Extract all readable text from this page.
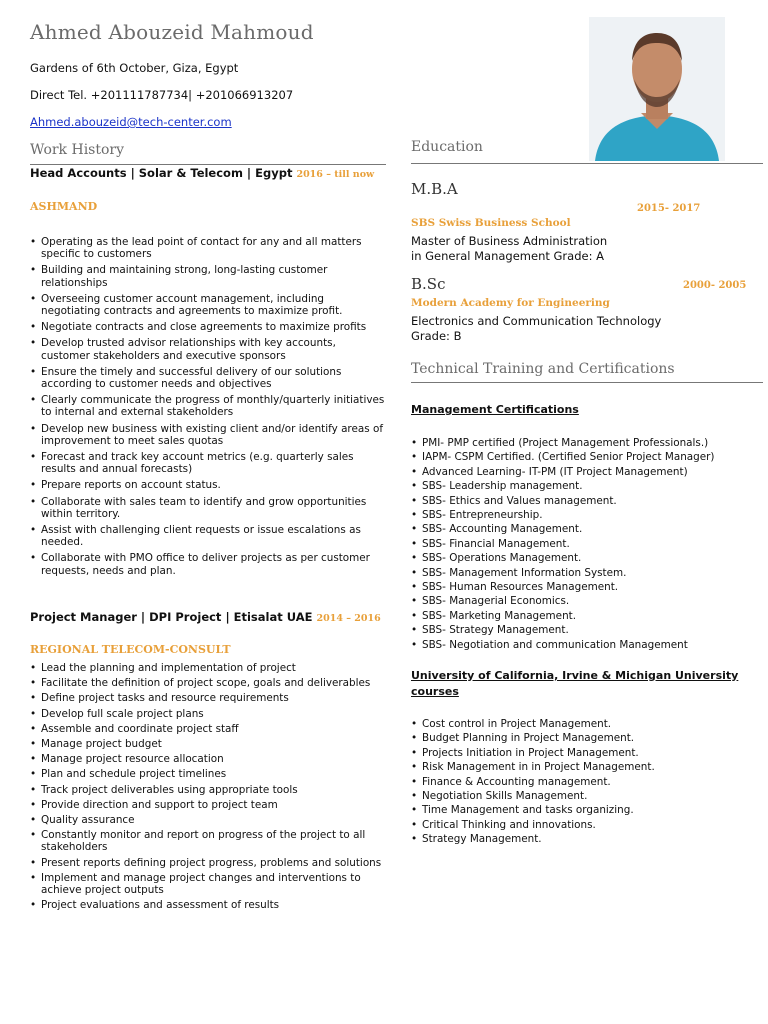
Ahmed Abouzeid Mahmoud
Gardens of 6th October, Giza, Egypt
Direct Tel. +201111787734| +201066913207
Ahmed.abouzeid@tech-center.com
Work History
Head Accounts | Solar & Telecom | Egypt 2016 – till now
ASHMAND
• Operating as the lead point of contact for any and all matters specific to customers
• Building and maintaining strong, long-lasting customer relationships
• Overseeing customer account management, including negotiating contracts and agreements to maximize profit.
• Negotiate contracts and close agreements to maximize profits
• Develop trusted advisor relationships with key accounts, customer stakeholders and executive sponsors
• Ensure the timely and successful delivery of our solutions according to customer needs and objectives
• Clearly communicate the progress of monthly/quarterly initiatives to internal and external stakeholders
• Develop new business with existing client and/or identify areas of improvement to meet sales quotas
• Forecast and track key account metrics (e.g. quarterly sales results and annual forecasts)
• Prepare reports on account status.
• Collaborate with sales team to identify and grow opportunities within territory.
• Assist with challenging client requests or issue escalations as needed.
• Collaborate with PMO office to deliver projects as per customer requests, needs and plan.
Project Manager | DPI Project | Etisalat UAE 2014 – 2016
REGIONAL TELECOM-CONSULT
• Lead the planning and implementation of project
• Facilitate the definition of project scope, goals and deliverables
• Define project tasks and resource requirements
• Develop full scale project plans
• Assemble and coordinate project staff
• Manage project budget
• Manage project resource allocation
• Plan and schedule project timelines
• Track project deliverables using appropriate tools
• Provide direction and support to project team
• Quality assurance
• Constantly monitor and report on progress of the project to all stakeholders
• Present reports defining project progress, problems and solutions
• Implement and manage project changes and interventions to achieve project outputs
• Project evaluations and assessment of results
Education
M.B.A
2015- 2017
SBS Swiss Business School
Master of Business Administration
in General Management Grade: A
B.Sc	2000- 2005
Modern Academy for Engineering
Electronics and Communication Technology
Grade: B
Technical Training and Certifications
Management Certifications
• PMI- PMP certified (Project Management Professionals.)
• IAPM- CSPM Certified. (Certified Senior Project Manager)
• Advanced Learning- IT-PM (IT Project Management)
• SBS- Leadership management.
• SBS- Ethics and Values management.
• SBS- Entrepreneurship.
• SBS- Accounting Management.
• SBS- Financial Management.
• SBS- Operations Management.
• SBS- Management Information System.
• SBS- Human Resources Management.
• SBS- Managerial Economics.
• SBS- Marketing Management.
• SBS- Strategy Management.
• SBS- Negotiation and communication Management
University of California, Irvine & Michigan University
courses
• Cost control in Project Management.
• Budget Planning in Project Management.
• Projects Initiation in Project Management.
• Risk Management in in Project Management.
• Finance & Accounting management.
• Negotiation Skills Management.
• Time Management and tasks organizing.
• Critical Thinking and innovations.
• Strategy Management.
